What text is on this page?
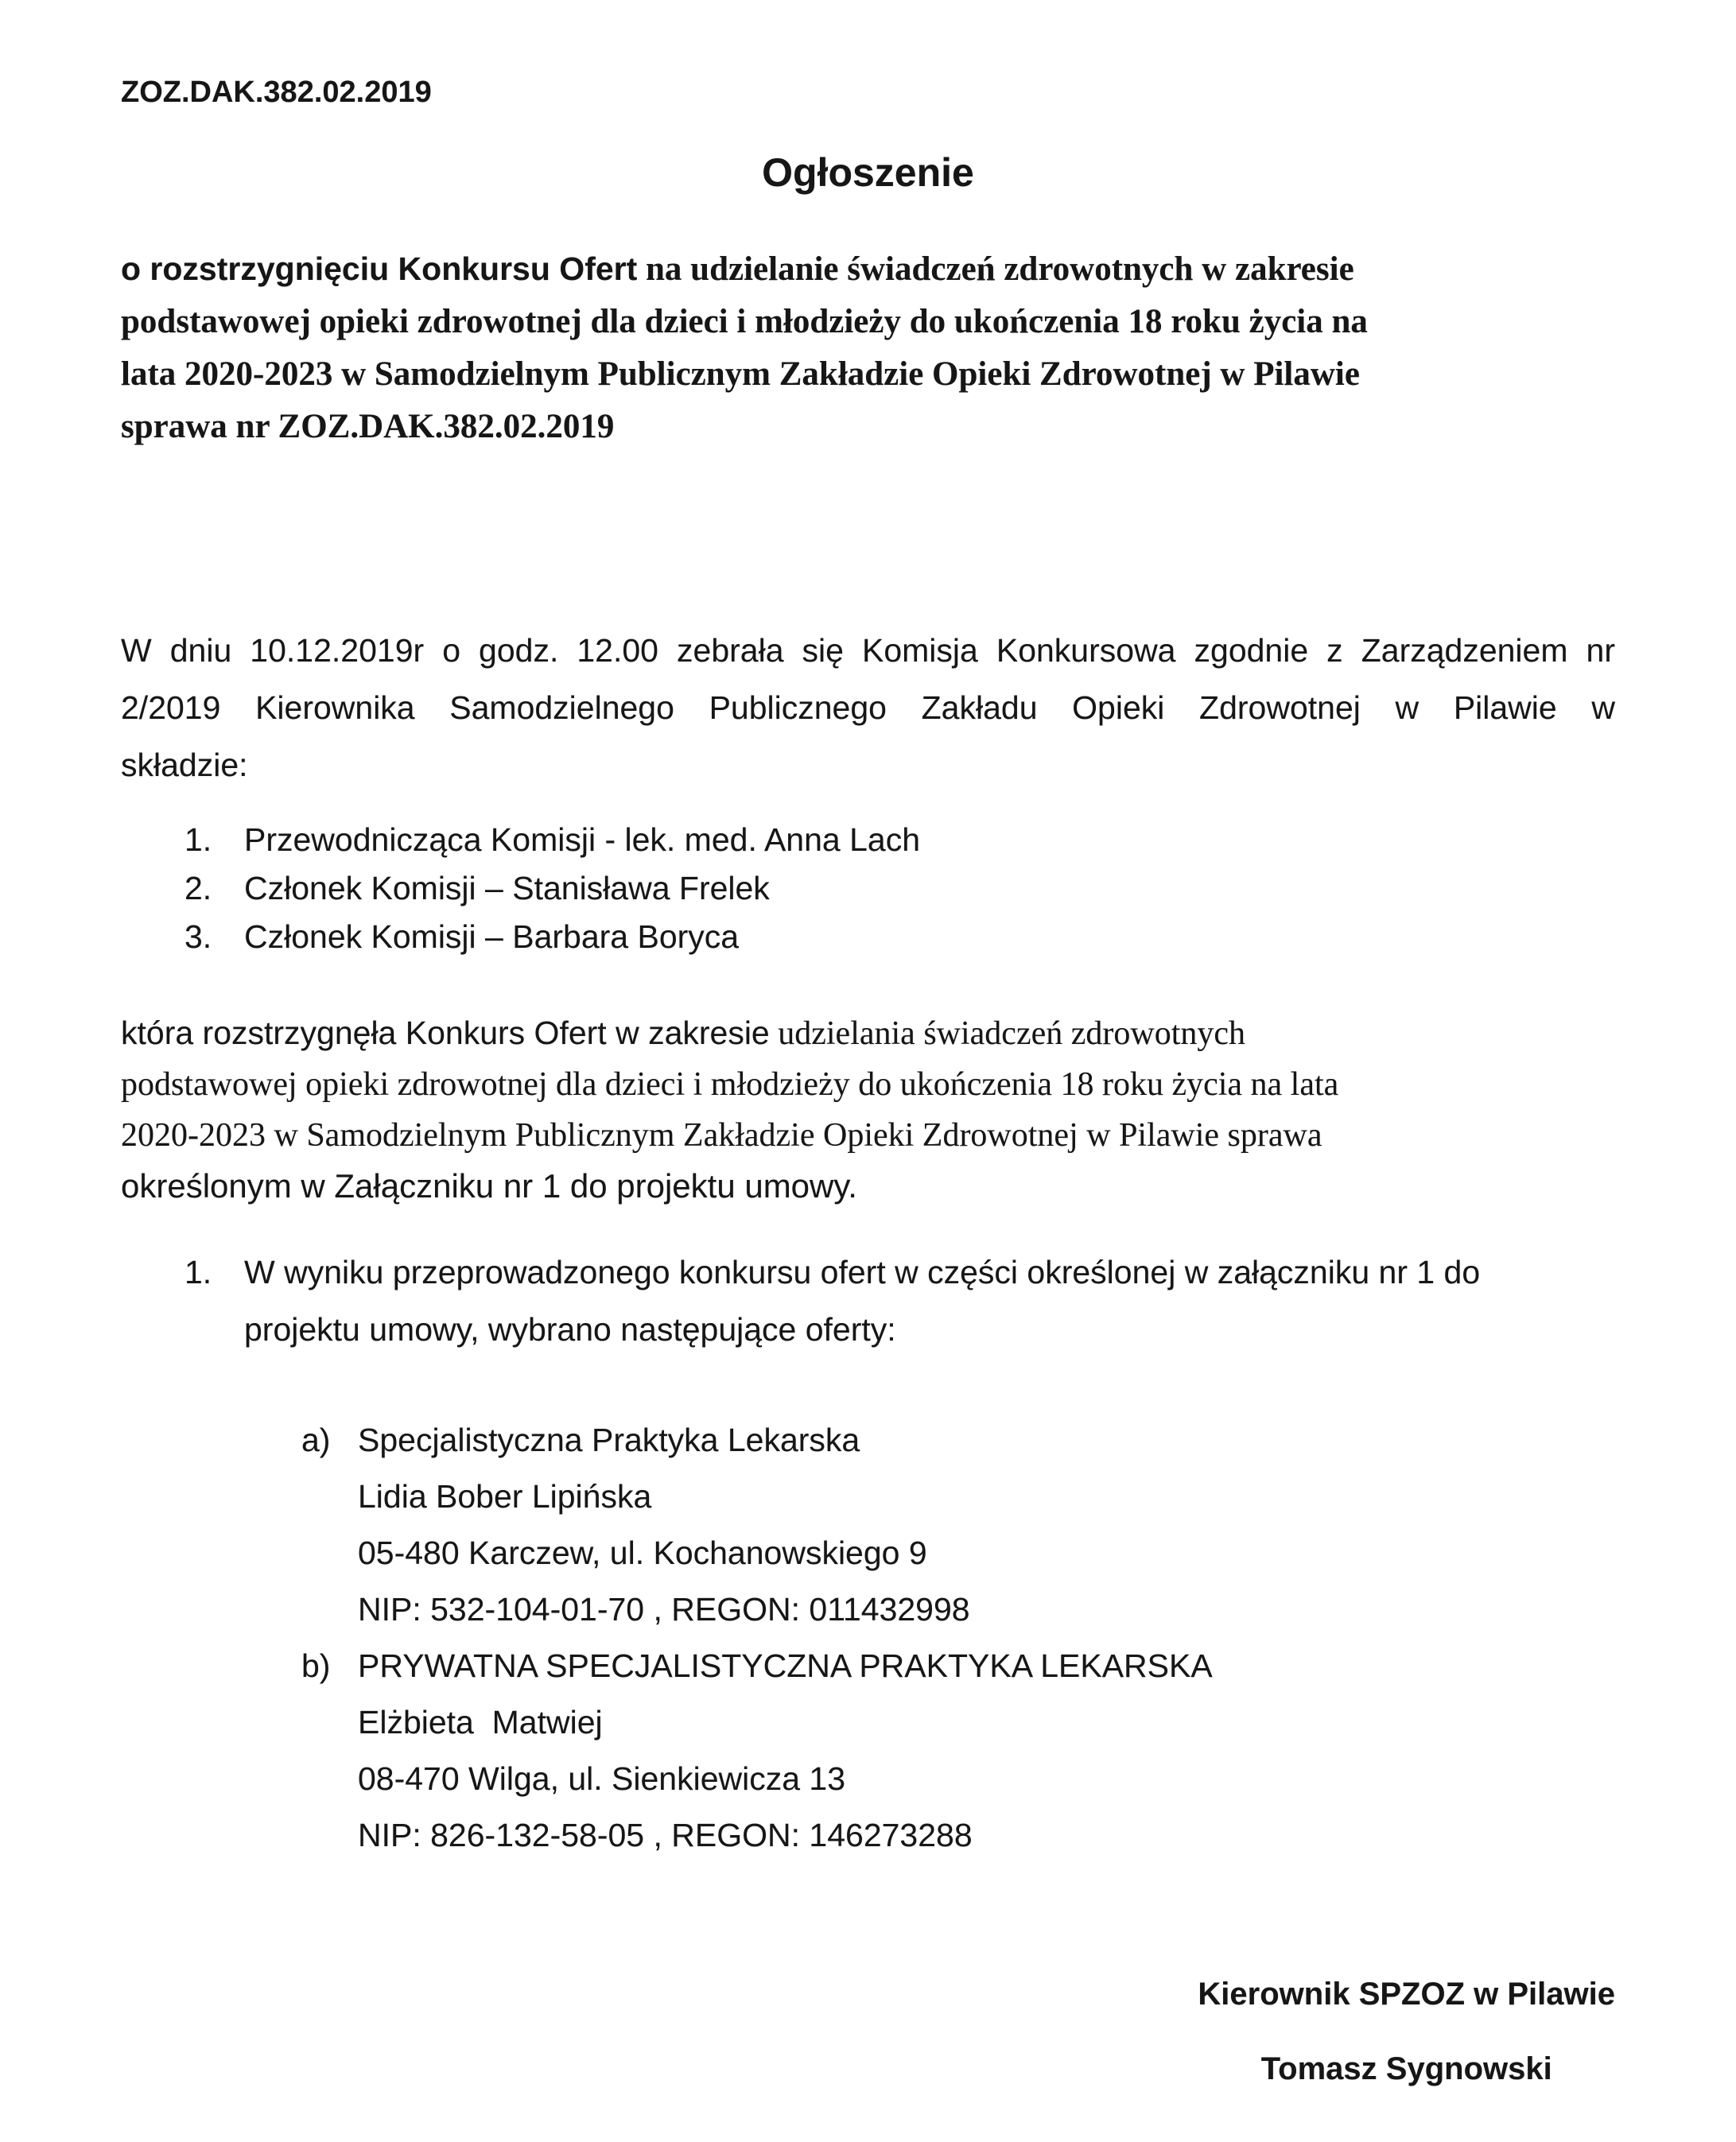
ZOZ.DAK.382.02.2019
Ogłoszenie
o rozstrzygnięciu Konkursu Ofert na udzielanie świadczeń zdrowotnych w zakresie
podstawowej opieki zdrowotnej dla dzieci i młodzieży do ukończenia 18 roku życia na
lata 2020-2023 w Samodzielnym Publicznym Zakładzie Opieki Zdrowotnej w Pilawie
sprawa nr ZOZ.DAK.382.02.2019
W dniu 10.12.2019r o godz. 12.00 zebrała się Komisja Konkursowa zgodnie z Zarządzeniem nr
2/2019 Kierownika Samodzielnego Publicznego Zakładu Opieki Zdrowotnej w Pilawie w
składzie:
1. Przewodnicząca Komisji - lek. med. Anna Lach
2. Członek Komisji – Stanisława Frelek
3. Członek Komisji – Barbara Boryca
która rozstrzygnęła Konkurs Ofert w zakresie udzielania świadczeń zdrowotnych
podstawowej opieki zdrowotnej dla dzieci i młodzieży do ukończenia 18 roku życia na lata
2020-2023 w Samodzielnym Publicznym Zakładzie Opieki Zdrowotnej w Pilawie sprawa
określonym w Załączniku nr 1 do projektu umowy.
1. W wyniku przeprowadzonego konkursu ofert w części określonej w załączniku nr 1 do
projektu umowy, wybrano następujące oferty:
a) Specjalistyczna Praktyka Lekarska
Lidia Bober Lipińska
05-480 Karczew, ul. Kochanowskiego 9
NIP: 532-104-01-70 , REGON: 011432998
b) PRYWATNA SPECJALISTYCZNA PRAKTYKA LEKARSKA
Elżbieta  Matwiej
08-470 Wilga, ul. Sienkiewicza 13
NIP: 826-132-58-05 , REGON: 146273288
Kierownik SPZOZ w Pilawie
Tomasz Sygnowski
